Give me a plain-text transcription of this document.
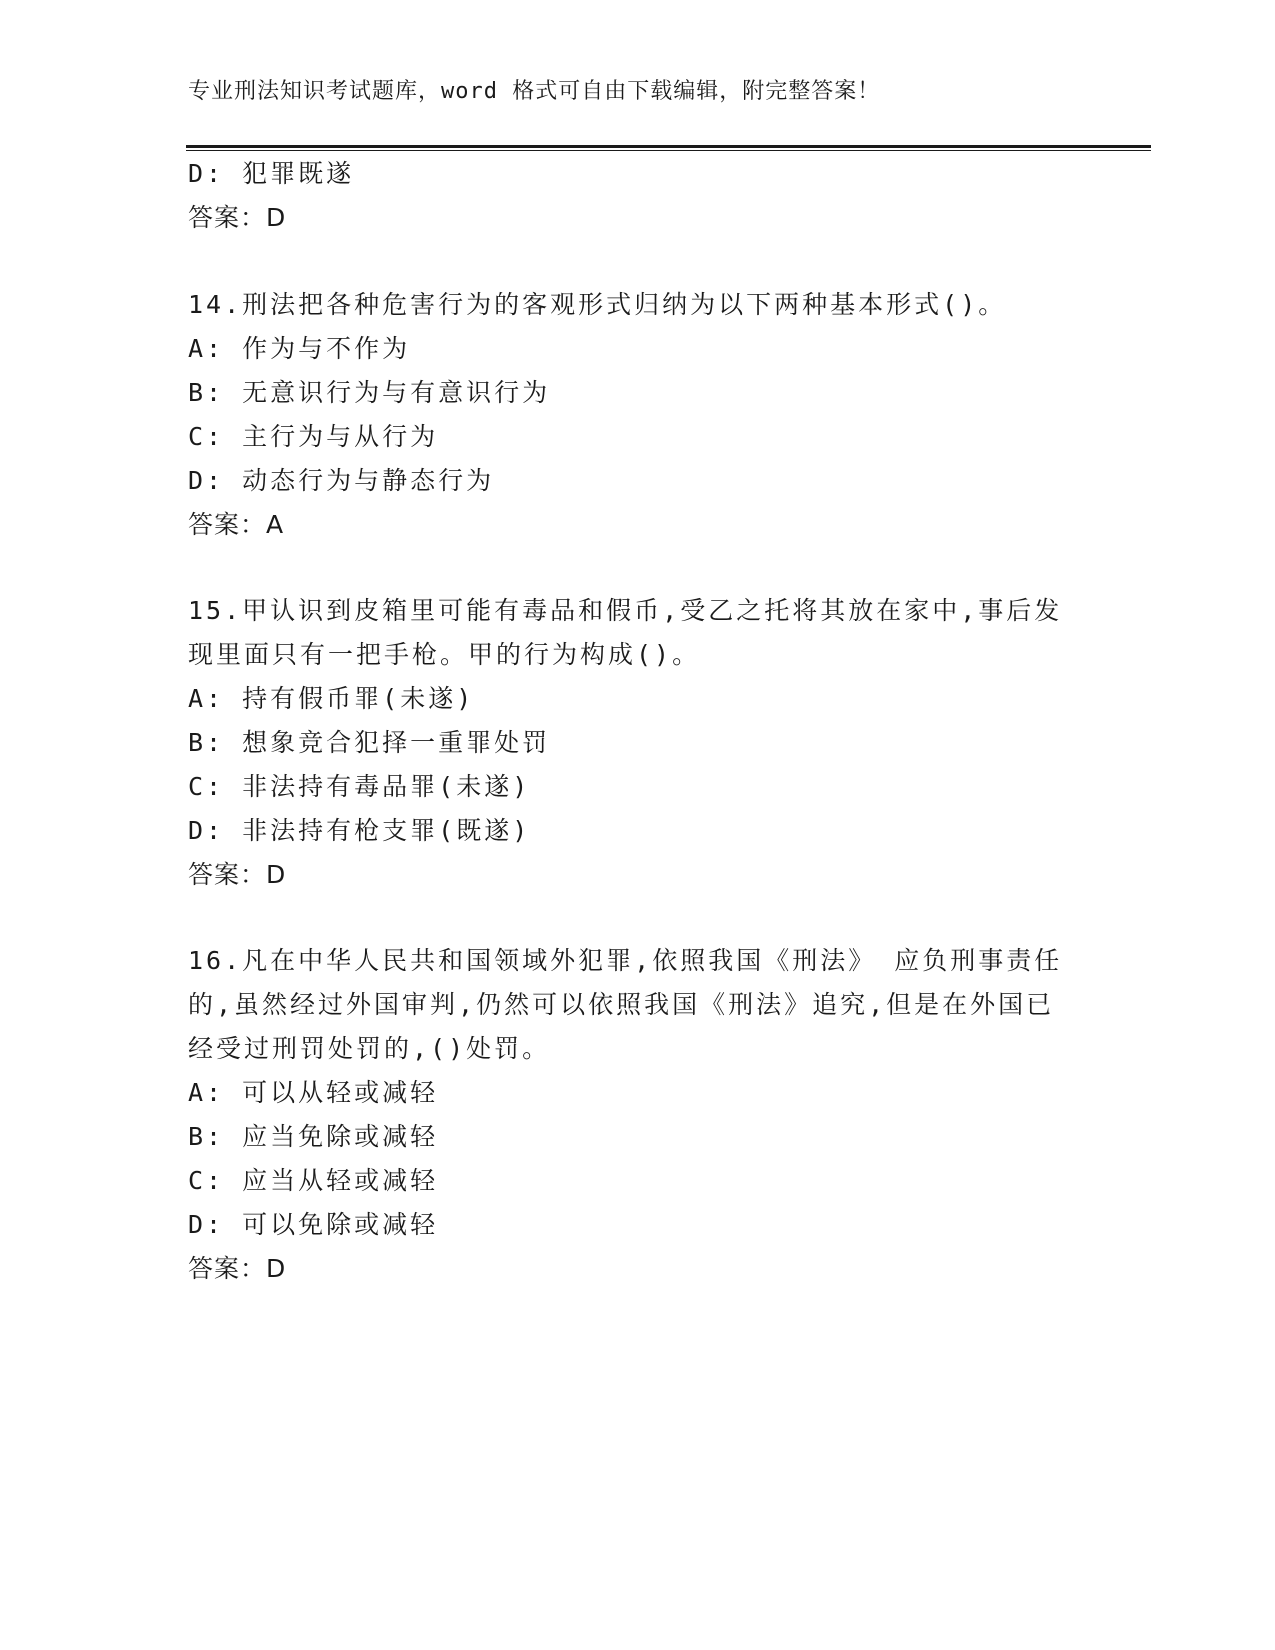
专业刑法知识考试题库，word 格式可自由下载编辑，附完整答案！
D: 犯罪既遂
答案：D
14.刑法把各种危害行为的客观形式归纳为以下两种基本形式()。
A: 作为与不作为
B: 无意识行为与有意识行为
C: 主行为与从行为
D: 动态行为与静态行为
答案：A
15.甲认识到皮箱里可能有毒品和假币,受乙之托将其放在家中,事后发
现里面只有一把手枪。甲的行为构成()。
A: 持有假币罪(未遂)
B: 想象竞合犯择一重罪处罚
C: 非法持有毒品罪(未遂)
D: 非法持有枪支罪(既遂)
答案：D
16.凡在中华人民共和国领域外犯罪,依照我国《刑法》 应负刑事责任
的,虽然经过外国审判,仍然可以依照我国《刑法》追究,但是在外国已
经受过刑罚处罚的,()处罚。
A: 可以从轻或减轻
B: 应当免除或减轻
C: 应当从轻或减轻
D: 可以免除或减轻
答案：D
